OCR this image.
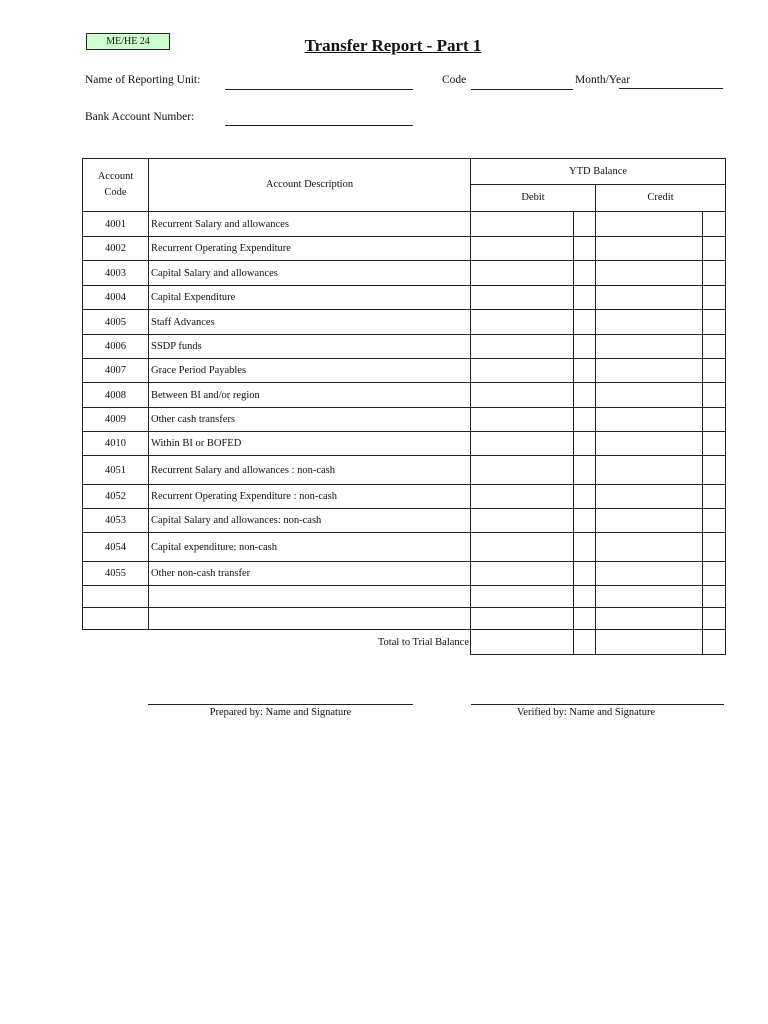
ME/HE 24	Transfer Report - Part 1
Name of Reporting Unit:	Code	Month/Year
Bank Account Number:
Account
Code	Account Description	YTD Balance			
		Debit		Credit	
4001	Recurrent Salary and allowances				
4002	Recurrent Operating Expenditure				
4003	Capital Salary and allowances				
4004	Capital Expenditure				
4005	Staff Advances				
4006	SSDP funds				
4007	Grace Period Payables				
4008	Between BI and/or region				
4009	Other cash transfers				
4010	Within BI or BOFED				
4051	Recurrent Salary and allowances : non-cash				
4052	Recurrent Operating Expenditure : non-cash				
4053	Capital Salary and allowances: non-cash				
4054	Capital expenditure: non-cash				
4055	Other non-cash transfer				

Total to Trial Balance					
Prepared by: Name and Signature	Verified by: Name and Signature
